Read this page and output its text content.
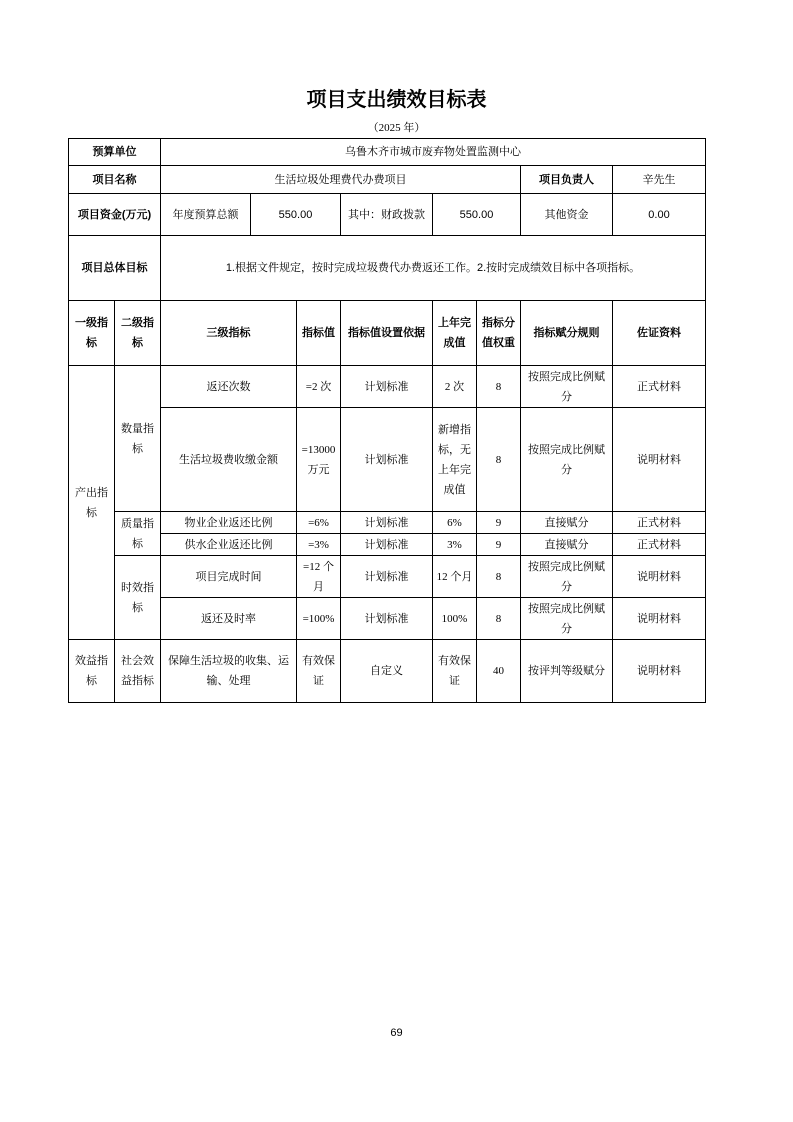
项目支出绩效目标表
（2025 年）
预算单位		乌鲁木齐市城市废弃物处置监测中心							
项目名称		生活垃圾处理费代办费项目						项目负责人	辛先生
项目资金(万元)		年度预算总额	550.00		其中：财政拨款	550.00		其他资金	0.00
项目总体目标		1.根据文件规定，按时完成垃圾费代办费返还工作。2.按时完成绩效目标中各项指标。							
一级指标	二级指标	三级指标		指标值	指标值设置依据	上年完成值	指标分值权重	指标赋分规则	佐证资料
产出指标	数量指标	返还次数		=2 次	计划标准	2 次	8	按照完成比例赋分	正式材料
		生活垃圾费收缴金额		=13000 万元	计划标准	新增指标，无上年完成值	8	按照完成比例赋分	说明材料
	质量指标	物业企业返还比例		=6%	计划标准	6%	9	直接赋分	正式材料
		供水企业返还比例		=3%	计划标准	3%	9	直接赋分	正式材料
	时效指标	项目完成时间		=12 个月	计划标准	12 个月	8	按照完成比例赋分	说明材料
		返还及时率		=100%	计划标准	100%	8	按照完成比例赋分	说明材料
效益指标	社会效益指标	保障生活垃圾的收集、运输、处理		有效保证	自定义	有效保证	40	按评判等级赋分	说明材料
69
